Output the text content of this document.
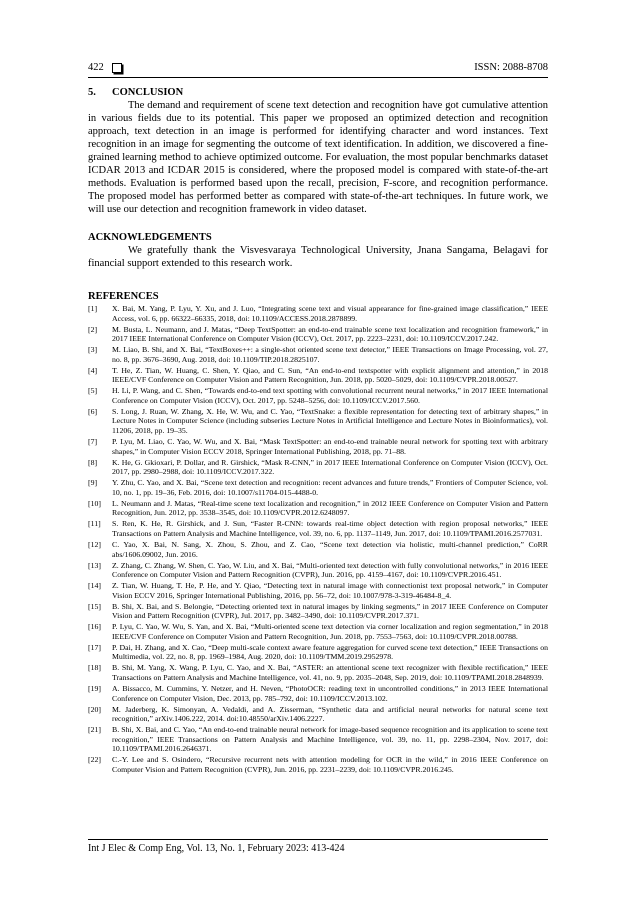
422	ISSN: 2088-8708
5. CONCLUSION

The demand and requirement of scene text detection and recognition have got cumulative attention in various fields due to its potential. This paper we proposed an optimized detection and recognition approach, text detection in an image is performed for identifying character and word instances. Text recognition in an image for segmenting the outcome of text identification. In addition, we discovered a fine-grained learning method to achieve optimized outcome. For evaluation, the most popular benchmarks dataset ICDAR 2013 and ICDAR 2015 is considered, where the proposed model is compared with state-of-the-art methods. Evaluation is performed based upon the recall, precision, F-score, and recognition performance. The proposed model has performed better as compared with state-of-the-art techniques. In future work, we will use our detection and recognition framework in video dataset.

ACKNOWLEDGEMENTS

We gratefully thank the Visvesvaraya Technological University, Jnana Sangama, Belagavi for financial support extended to this research work.

REFERENCES
[1]	X. Bai, M. Yang, P. Lyu, Y. Xu, and J. Luo, “Integrating scene text and visual appearance for fine-grained image classification,” IEEE Access, vol. 6, pp. 66322–66335, 2018, doi: 10.1109/ACCESS.2018.2878899.
[2]	M. Busta, L. Neumann, and J. Matas, “Deep TextSpotter: an end-to-end trainable scene text localization and recognition framework,” in 2017 IEEE International Conference on Computer Vision (ICCV), Oct. 2017, pp. 2223–2231, doi: 10.1109/ICCV.2017.242.
[3]	M. Liao, B. Shi, and X. Bai, “TextBoxes++: a single-shot oriented scene text detector,” IEEE Transactions on Image Processing, vol. 27, no. 8, pp. 3676–3690, Aug. 2018, doi: 10.1109/TIP.2018.2825107.
[4]	T. He, Z. Tian, W. Huang, C. Shen, Y. Qiao, and C. Sun, “An end-to-end textspotter with explicit alignment and attention,” in 2018 IEEE/CVF Conference on Computer Vision and Pattern Recognition, Jun. 2018, pp. 5020–5029, doi: 10.1109/CVPR.2018.00527.
[5]	H. Li, P. Wang, and C. Shen, “Towards end-to-end text spotting with convolutional recurrent neural networks,” in 2017 IEEE International Conference on Computer Vision (ICCV), Oct. 2017, pp. 5248–5256, doi: 10.1109/ICCV.2017.560.
[6]	S. Long, J. Ruan, W. Zhang, X. He, W. Wu, and C. Yao, “TextSnake: a flexible representation for detecting text of arbitrary shapes,” in Lecture Notes in Computer Science (including subseries Lecture Notes in Artificial Intelligence and Lecture Notes in Bioinformatics), vol. 11206, 2018, pp. 19–35.
[7]	P. Lyu, M. Liao, C. Yao, W. Wu, and X. Bai, “Mask TextSpotter: an end-to-end trainable neural network for spotting text with arbitrary shapes,” in Computer Vision ECCV 2018, Springer International Publishing, 2018, pp. 71–88.
[8]	K. He, G. Gkioxari, P. Dollar, and R. Girshick, “Mask R-CNN,” in 2017 IEEE International Conference on Computer Vision (ICCV), Oct. 2017, pp. 2980–2988, doi: 10.1109/ICCV.2017.322.
[9]	Y. Zhu, C. Yao, and X. Bai, “Scene text detection and recognition: recent advances and future trends,” Frontiers of Computer Science, vol. 10, no. 1, pp. 19–36, Feb. 2016, doi: 10.1007/s11704-015-4488-0.
[10]	L. Neumann and J. Matas, “Real-time scene text localization and recognition,” in 2012 IEEE Conference on Computer Vision and Pattern Recognition, Jun. 2012, pp. 3538–3545, doi: 10.1109/CVPR.2012.6248097.
[11]	S. Ren, K. He, R. Girshick, and J. Sun, “Faster R-CNN: towards real-time object detection with region proposal networks,” IEEE Transactions on Pattern Analysis and Machine Intelligence, vol. 39, no. 6, pp. 1137–1149, Jun. 2017, doi: 10.1109/TPAMI.2016.2577031.
[12]	C. Yao, X. Bai, N. Sang, X. Zhou, S. Zhou, and Z. Cao, “Scene text detection via holistic, multi-channel prediction,” CoRR abs/1606.09002, Jun. 2016.
[13]	Z. Zhang, C. Zhang, W. Shen, C. Yao, W. Liu, and X. Bai, “Multi-oriented text detection with fully convolutional networks,” in 2016 IEEE Conference on Computer Vision and Pattern Recognition (CVPR), Jun. 2016, pp. 4159–4167, doi: 10.1109/CVPR.2016.451.
[14]	Z. Tian, W. Huang, T. He, P. He, and Y. Qiao, “Detecting text in natural image with connectionist text proposal network,” in Computer Vision ECCV 2016, Springer International Publishing, 2016, pp. 56–72, doi: 10.1007/978-3-319-46484-8_4.
[15]	B. Shi, X. Bai, and S. Belongie, “Detecting oriented text in natural images by linking segments,” in 2017 IEEE Conference on Computer Vision and Pattern Recognition (CVPR), Jul. 2017, pp. 3482–3490, doi: 10.1109/CVPR.2017.371.
[16]	P. Lyu, C. Yao, W. Wu, S. Yan, and X. Bai, “Multi-oriented scene text detection via corner localization and region segmentation,” in 2018 IEEE/CVF Conference on Computer Vision and Pattern Recognition, Jun. 2018, pp. 7553–7563, doi: 10.1109/CVPR.2018.00788.
[17]	P. Dai, H. Zhang, and X. Cao, “Deep multi-scale context aware feature aggregation for curved scene text detection,” IEEE Transactions on Multimedia, vol. 22, no. 8, pp. 1969–1984, Aug. 2020, doi: 10.1109/TMM.2019.2952978.
[18]	B. Shi, M. Yang, X. Wang, P. Lyu, C. Yao, and X. Bai, “ASTER: an attentional scene text recognizer with flexible rectification,” IEEE Transactions on Pattern Analysis and Machine Intelligence, vol. 41, no. 9, pp. 2035–2048, Sep. 2019, doi: 10.1109/TPAMI.2018.2848939.
[19]	A. Bissacco, M. Cummins, Y. Netzer, and H. Neven, “PhotoOCR: reading text in uncontrolled conditions,” in 2013 IEEE International Conference on Computer Vision, Dec. 2013, pp. 785–792, doi: 10.1109/ICCV.2013.102.
[20]	M. Jaderberg, K. Simonyan, A. Vedaldi, and A. Zisserman, “Synthetic data and artificial neural networks for natural scene text recognition,” arXiv.1406.222, 2014. doi:10.48550/arXiv.1406.2227.
[21]	B. Shi, X. Bai, and C. Yao, “An end-to-end trainable neural network for image-based sequence recognition and its application to scene text recognition,” IEEE Transactions on Pattern Analysis and Machine Intelligence, vol. 39, no. 11, pp. 2298–2304, Nov. 2017, doi: 10.1109/TPAMI.2016.2646371.
[22]	C.-Y. Lee and S. Osindero, “Recursive recurrent nets with attention modeling for OCR in the wild,” in 2016 IEEE Conference on Computer Vision and Pattern Recognition (CVPR), Jun. 2016, pp. 2231–2239, doi: 10.1109/CVPR.2016.245.
Int J Elec & Comp Eng, Vol. 13, No. 1, February 2023: 413-424
